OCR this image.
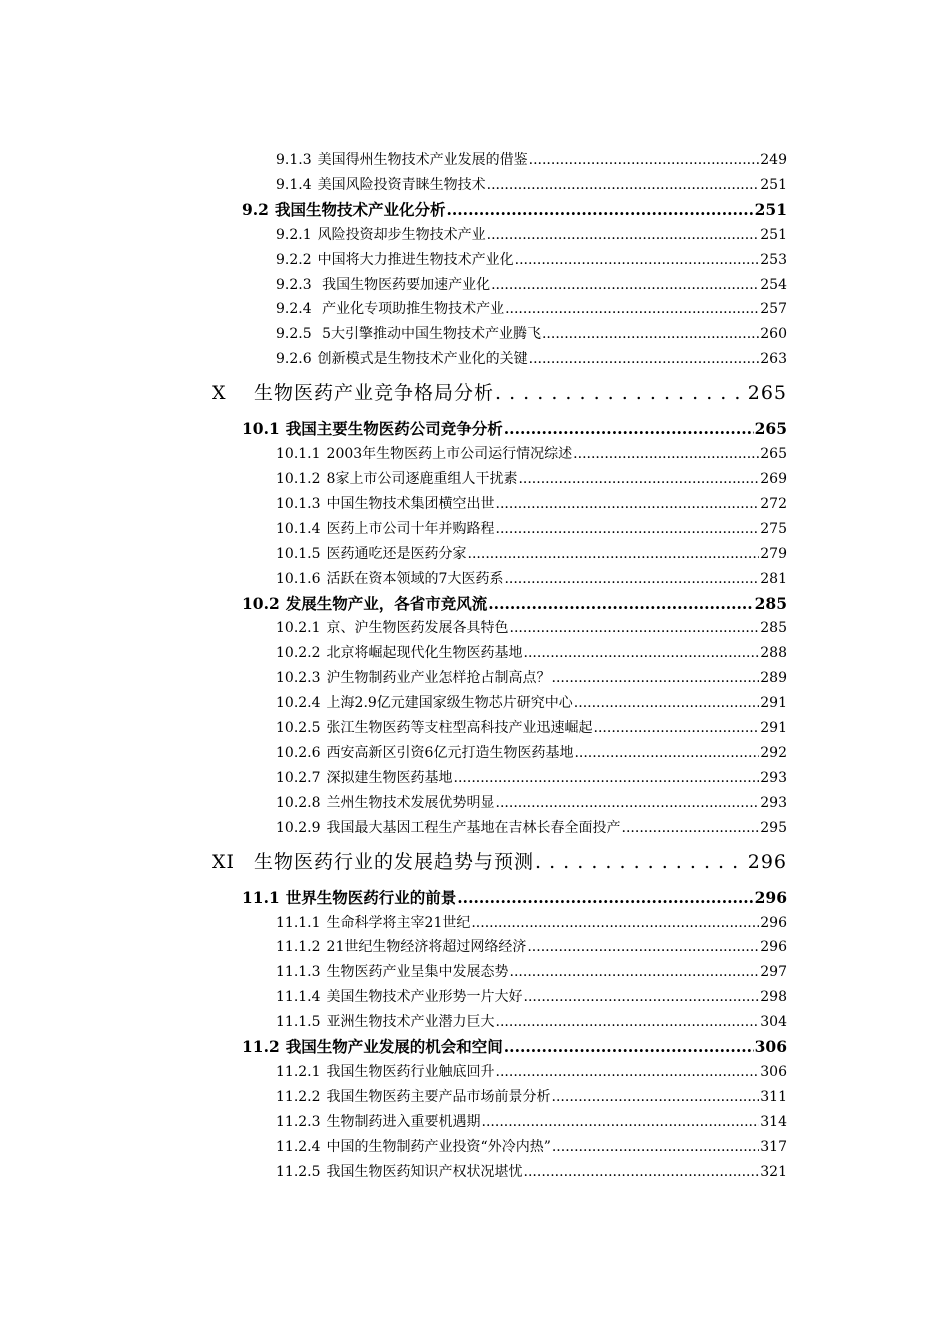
9.1.3 美国得州生物技术产业发展的借鉴 .....	249
9.1.4 美国风险投资青睐生物技术 .....	251
9.2 我国生物技术产业化分析 .....	251
9.2.1 风险投资却步生物技术产业 .....	251
9.2.2 中国将大力推进生物技术产业化 .....	253
9.2.3 我国生物医药要加速产业化 .....	254
9.2.4 产业化专项助推生物技术产业 .....	257
9.2.5 5大引擎推动中国生物技术产业腾飞 .....	260
9.2.6 创新模式是生物技术产业化的关键 .....	263
X 生物医药产业竞争格局分析 . . .	265
10.1 我国主要生物医药公司竞争分析 .....	265
10.1.1 2003年生物医药上市公司运行情况综述 .....	265
10.1.2 8家上市公司逐鹿重组人干扰素 .....	269
10.1.3 中国生物技术集团横空出世 .....	272
10.1.4 医药上市公司十年并购路程 .....	275
10.1.5 医药通吃还是医药分家 .....	279
10.1.6 活跃在资本领域的7大医药系 .....	281
10.2 发展生物产业，各省市竞风流 .....	285
10.2.1 京、沪生物医药发展各具特色 .....	285
10.2.2 北京将崛起现代化生物医药基地 .....	288
10.2.3 沪生物制药业产业怎样抢占制高点？ .....	289
10.2.4 上海2.9亿元建国家级生物芯片研究中心 .....	291
10.2.5 张江生物医药等支柱型高科技产业迅速崛起 .....	291
10.2.6 西安高新区引资6亿元打造生物医药基地 .....	292
10.2.7 深拟建生物医药基地 .....	293
10.2.8 兰州生物技术发展优势明显 .....	293
10.2.9 我国最大基因工程生产基地在吉林长春全面投产 .....	295
XI 生物医药行业的发展趋势与预测 . . .	296
11.1 世界生物医药行业的前景 .....	296
11.1.1 生命科学将主宰21世纪 .....	296
11.1.2 21世纪生物经济将超过网络经济 .....	296
11.1.3 生物医药产业呈集中发展态势 .....	297
11.1.4 美国生物技术产业形势一片大好 .....	298
11.1.5 亚洲生物技术产业潜力巨大 .....	304
11.2 我国生物产业发展的机会和空间 .....	306
11.2.1 我国生物医药行业触底回升 .....	306
11.2.2 我国生物医药主要产品市场前景分析 .....	311
11.2.3 生物制药进入重要机遇期 .....	314
11.2.4 中国的生物制药产业投资“外冷内热” .....	317
11.2.5 我国生物医药知识产权状况堪忧 .....	321
